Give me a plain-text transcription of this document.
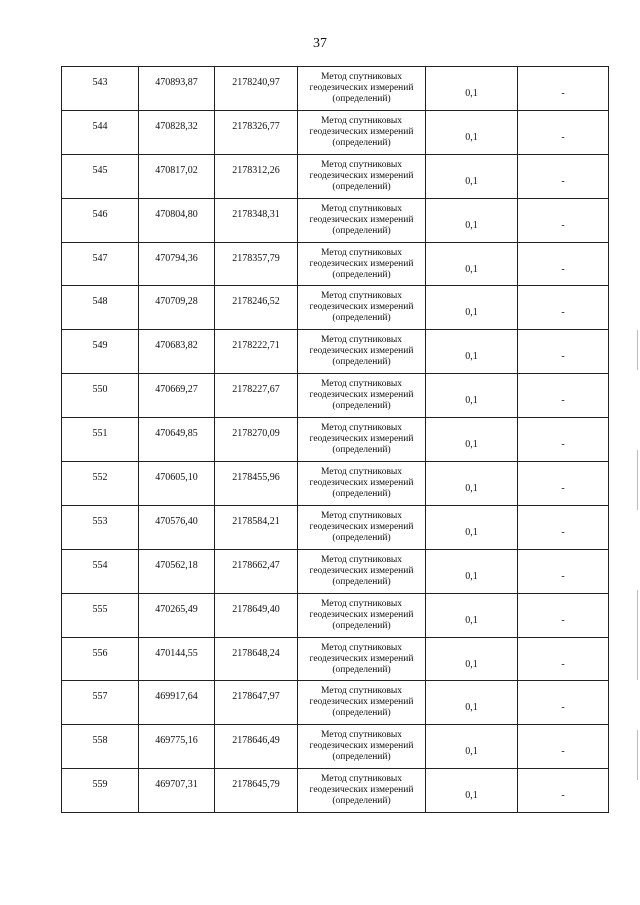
37
543	470893,87	2178240,97	Метод спутниковых
геодезических измерений
(определений)	0,1	-
544	470828,32	2178326,77	Метод спутниковых
геодезических измерений
(определений)	0,1	-
545	470817,02	2178312,26	Метод спутниковых
геодезических измерений
(определений)	0,1	-
546	470804,80	2178348,31	Метод спутниковых
геодезических измерений
(определений)	0,1	-
547	470794,36	2178357,79	Метод спутниковых
геодезических измерений
(определений)	0,1	-
548	470709,28	2178246,52	Метод спутниковых
геодезических измерений
(определений)	0,1	-
549	470683,82	2178222,71	Метод спутниковых
геодезических измерений
(определений)	0,1	-
550	470669,27	2178227,67	Метод спутниковых
геодезических измерений
(определений)	0,1	-
551	470649,85	2178270,09	Метод спутниковых
геодезических измерений
(определений)	0,1	-
552	470605,10	2178455,96	Метод спутниковых
геодезических измерений
(определений)	0,1	-
553	470576,40	2178584,21	Метод спутниковых
геодезических измерений
(определений)	0,1	-
554	470562,18	2178662,47	Метод спутниковых
геодезических измерений
(определений)	0,1	-
555	470265,49	2178649,40	Метод спутниковых
геодезических измерений
(определений)	0,1	-
556	470144,55	2178648,24	Метод спутниковых
геодезических измерений
(определений)	0,1	-
557	469917,64	2178647,97	Метод спутниковых
геодезических измерений
(определений)	0,1	-
558	469775,16	2178646,49	Метод спутниковых
геодезических измерений
(определений)	0,1	-
559	469707,31	2178645,79	Метод спутниковых
геодезических измерений
(определений)	0,1	-
